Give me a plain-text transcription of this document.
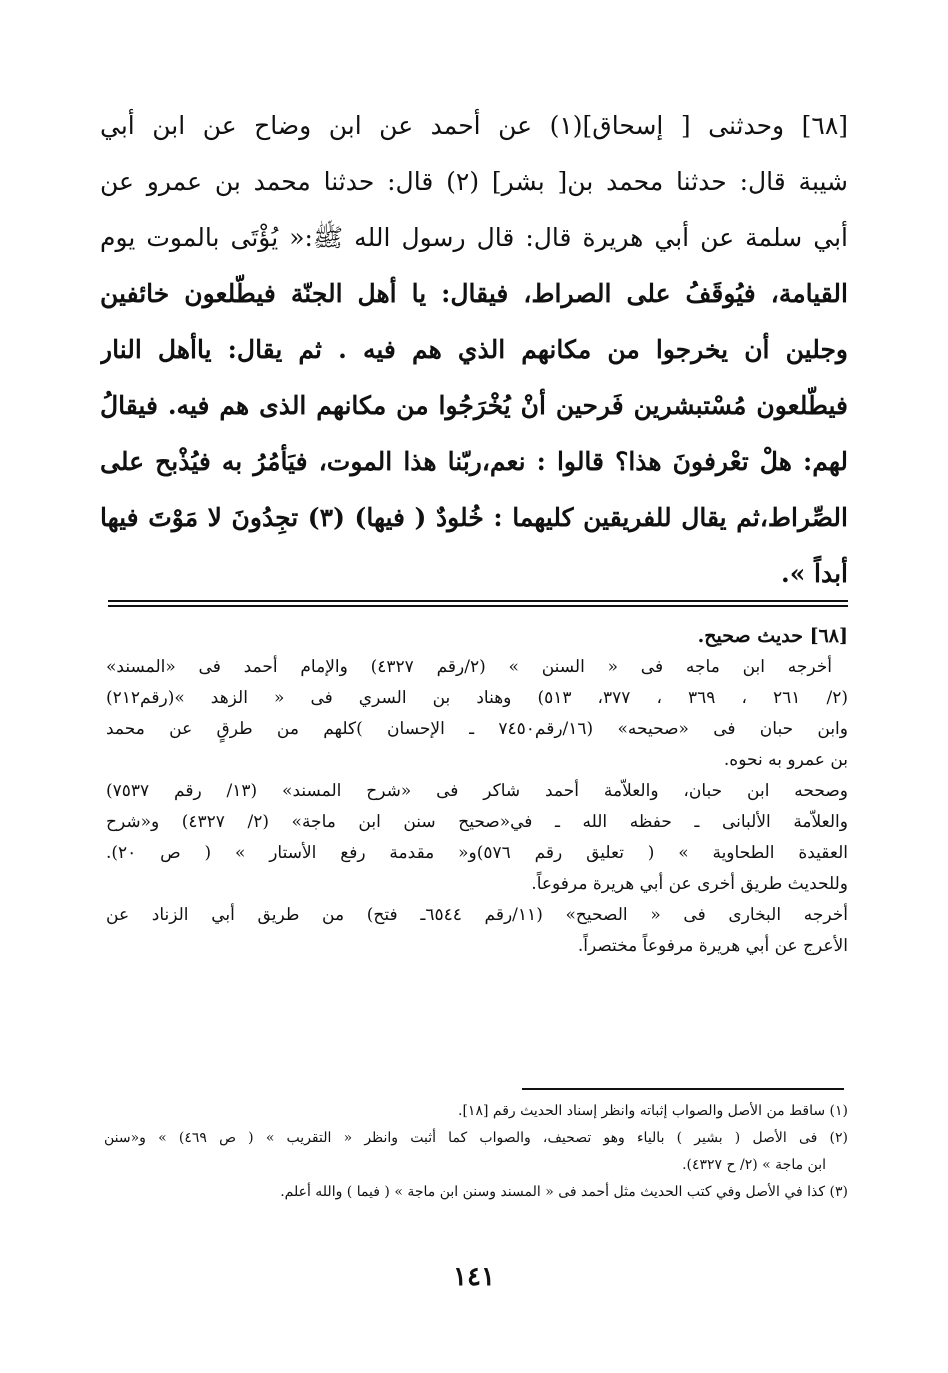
[٦٨] وحدثنى [ إسحاق](١) عن أحمد عن ابن وضاح عن ابن أبي
شيبة قال: حدثنا محمد بن[ بشر] (٢) قال: حدثنا محمد بن عمرو عن
أبي سلمة عن أبي هريرة قال: قال رسول الله ﷺ:« يُؤْتَى بالموت يوم
القيامة، فيُوقَفُ على الصراط، فيقال: يا أهل الجنّة فيطّلعون خائفين
وجلين أن يخرجوا من مكانهم الذي هم فيه . ثم يقال: ياأهل النار
فيطّلعون مُسْتبشرين فَرحين أنْ يُخْرَجُوا من مكانهم الذى هم فيه. فيقالُ
لهم: هلْ تعْرفونَ هذا؟ قالوا : نعم،ربّنا هذا الموت، فيَأمُرُ به فيُذْبح على
الصِّراط،ثم يقال للفريقين كليهما : خُلودٌ ( فيها) (٣) تجِدُونَ لا مَوْتَ فيها
أبداً ».
[٦٨] حديث صحيح.
أخرجه ابن ماجه فى « السنن » (٢/رقم ٤٣٢٧) والإمام أحمد فى «المسند»
(٢/ ٢٦١ ، ٣٦٩ ، ٣٧٧، ٥١٣) وهناد بن السري فى « الزهد »(رقم٢١٢)
وابن حبان فى «صحيحه» (١٦/رقم٧٤٥٠ ـ الإحسان )كلهم من طرقٍ عن محمد
بن عمرو به نحوه.
وصححه ابن حبان، والعلاّمة أحمد شاكر فى «شرح المسند» (١٣/ رقم ٧٥٣٧)
والعلاّمة الألبانى ـ حفظه الله ـ في«صحيح سنن ابن ماجة» (٢/ ٤٣٢٧) و«شرح
العقيدة الطحاوية » ( تعليق رقم ٥٧٦)و« مقدمة رفع الأستار » ( ص ٢٠).
وللحديث طريق أخرى عن أبي هريرة مرفوعاً.
أخرجه البخارى فى « الصحيح» (١١/رقم ٦٥٤٤ـ فتح) من طريق أبي الزناد عن
الأعرج عن أبي هريرة مرفوعاً مختصراً.
(١) ساقط من الأصل والصواب إثباته وانظر إسناد الحديث رقم [١٨].
(٢) فى الأصل ( بشير ) بالياء وهو تصحيف، والصواب كما أثبت وانظر « التقريب » ( ص ٤٦٩) » و«سنن
ابن ماجة » (٢/ ح ٤٣٢٧).
(٣) كذا في الأصل وفي كتب الحديث مثل أحمد فى « المسند وسنن ابن ماجة » ( فيما ) والله أعلم.
١٤١
